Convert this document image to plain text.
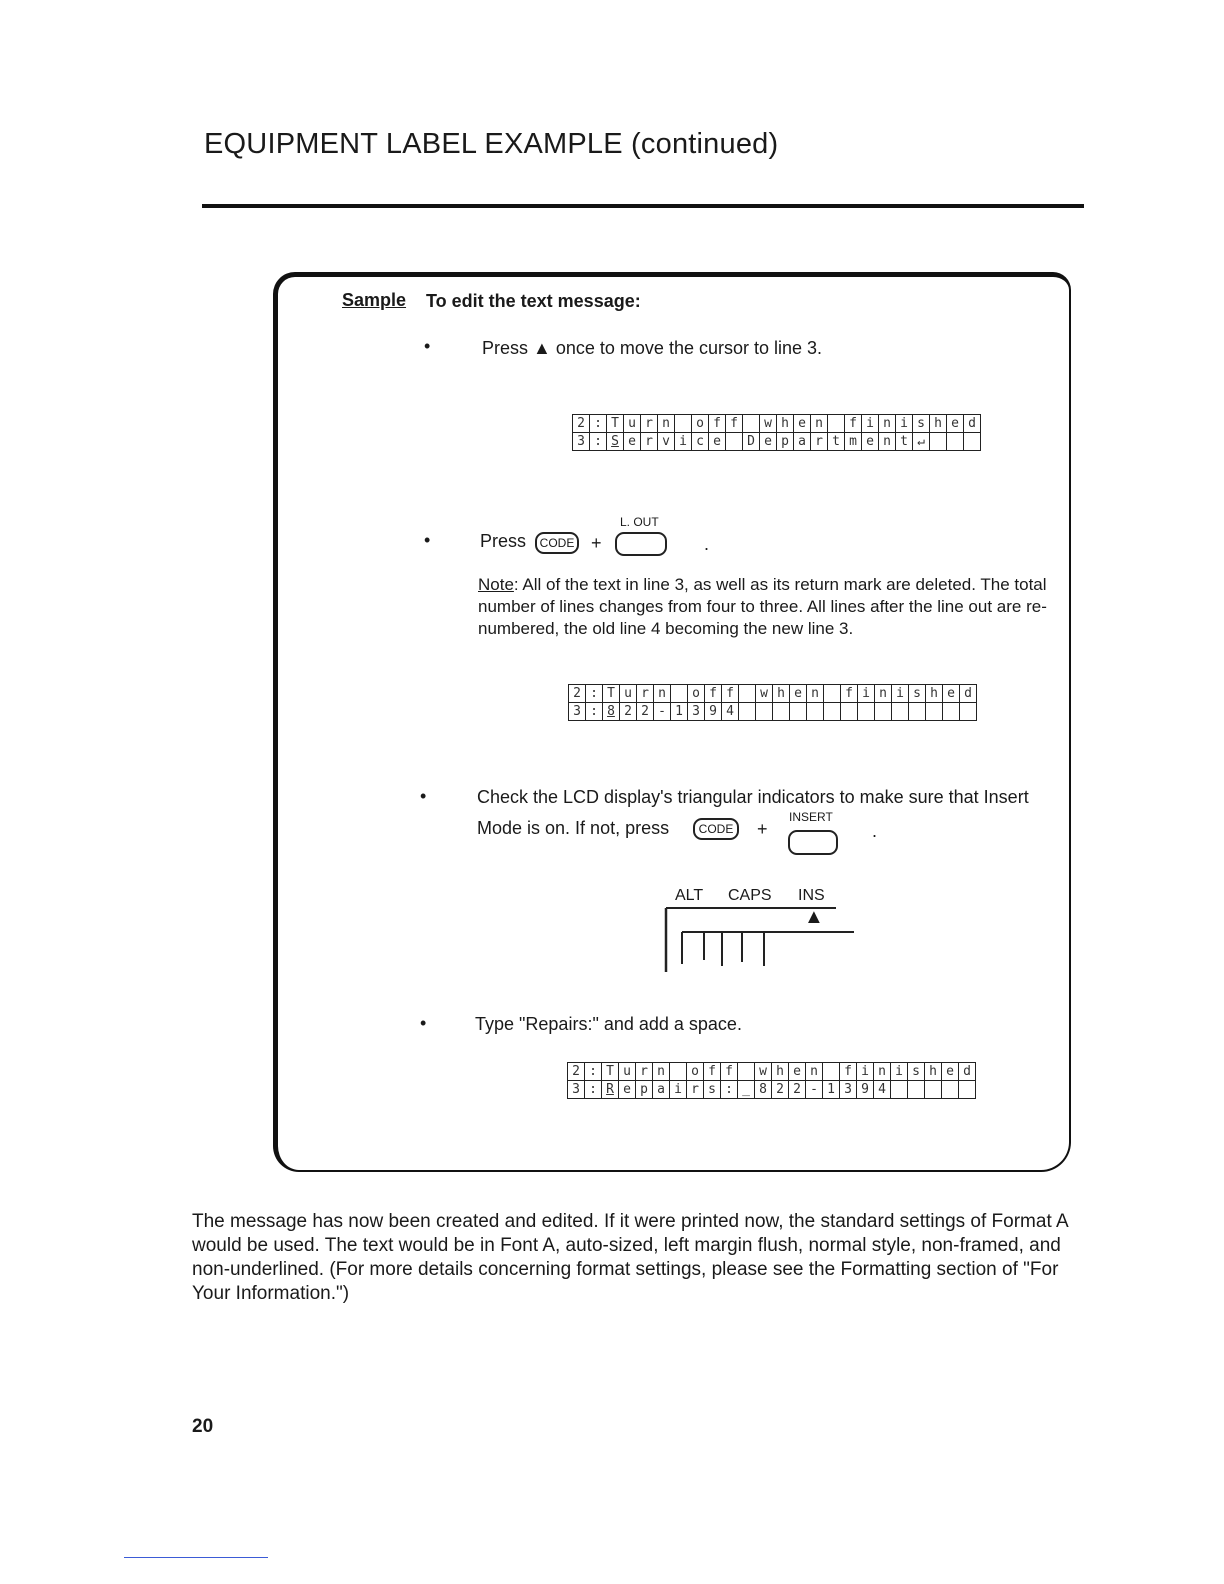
EQUIPMENT LABEL EXAMPLE (continued)
Sample To edit the text message:
•	Press ▲ once to move the cursor to line 3.
2	:	T	u	r	n		o	f	f		w	h	e	n		f	i	n	i	s	h	e	d
3	:	S	e	r	v	i	c	e		D	e	p	a	r	t	m	e	n	t	↵			
•	Press	CODE +
L. OUT
.
Note: All of the text in line 3, as well as its return mark are deleted. The total number of lines changes from four to three. All lines after the line out are re-numbered, the old line 4 becoming the new line 3.
2	:	T	u	r	n		o	f	f		w	h	e	n		f	i	n	i	s	h	e	d
3	:	8	2	2	-	1	3	9	4														
•	Check the LCD display's triangular indicators to make sure that Insert
Mode is on. If not, press	CODE	+
INSERT
.
ALT CAPS INS
▲
•	Type "Repairs:" and add a space.
2	:	T	u	r	n		o	f	f		w	h	e	n		f	i	n	i	s	h	e	d
3	:	R	e	p	a	i	r	s	:	_	8	2	2	-	1	3	9	4					
The message has now been created and edited. If it were printed now, the standard settings of Format A would be used. The text would be in Font A, auto-sized, left margin flush, normal style, non-framed, and non-underlined. (For more details concerning format settings, please see the Formatting section of "For Your Information.")
20
